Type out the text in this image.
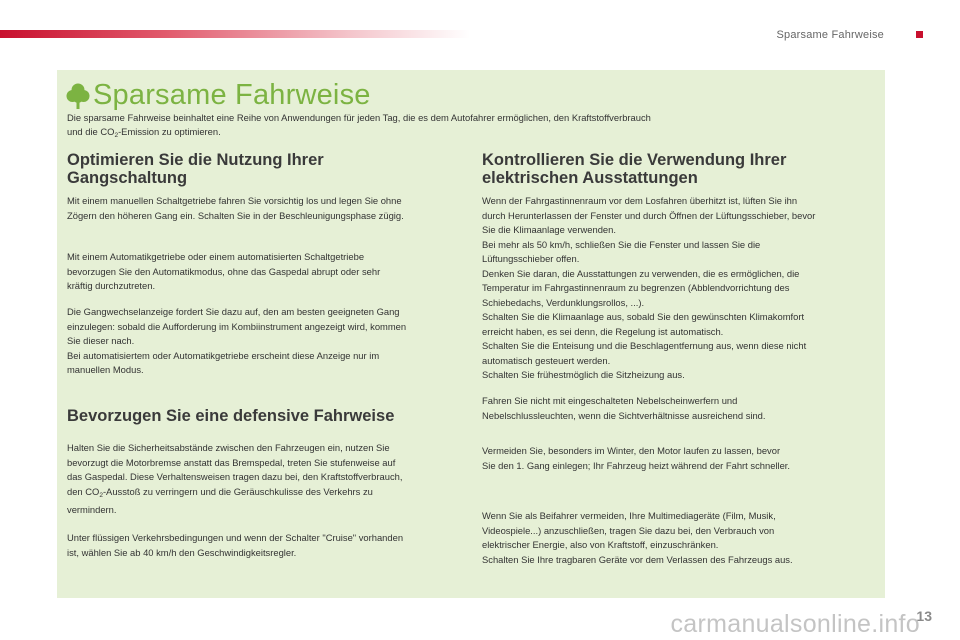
Sparsame Fahrweise
Sparsame Fahrweise
Die sparsame Fahrweise beinhaltet eine Reihe von Anwendungen für jeden Tag, die es dem Autofahrer ermöglichen, den Kraftstoffverbrauch
und die $CO_2$-Emission zu optimieren.
Optimieren Sie die Nutzung Ihrer
Gangschaltung

Mit einem manuellen Schaltgetriebe fahren Sie vorsichtig los und legen Sie ohne
Zögern den höheren Gang ein. Schalten Sie in der Beschleunigungsphase zügig.

Mit einem Automatikgetriebe oder einem automatisierten Schaltgetriebe
bevorzugen Sie den Automatikmodus, ohne das Gaspedal abrupt oder sehr
kräftig durchzutreten.

Die Gangwechselanzeige fordert Sie dazu auf, den am besten geeigneten Gang
einzulegen: sobald die Aufforderung im Kombiinstrument angezeigt wird, kommen
Sie dieser nach.
Bei automatisiertem oder Automatikgetriebe erscheint diese Anzeige nur im
manuellen Modus.

Bevorzugen Sie eine defensive Fahrweise

Halten Sie die Sicherheitsabstände zwischen den Fahrzeugen ein, nutzen Sie
bevorzugt die Motorbremse anstatt das Bremspedal, treten Sie stufenweise auf
das Gaspedal. Diese Verhaltensweisen tragen dazu bei, den Kraftstoffverbrauch,
den $CO_2$-Ausstoß zu verringern und die Geräuschkulisse des Verkehrs zu
vermindern.

Unter flüssigen Verkehrsbedingungen und wenn der Schalter "Cruise" vorhanden
ist, wählen Sie ab 40 km/h den Geschwindigkeitsregler.

Kontrollieren Sie die Verwendung Ihrer
elektrischen Ausstattungen

Wenn der Fahrgastinnenraum vor dem Losfahren überhitzt ist, lüften Sie ihn
durch Herunterlassen der Fenster und durch Öffnen der Lüftungsschieber, bevor
Sie die Klimaanlage verwenden.
Bei mehr als 50 km/h, schließen Sie die Fenster und lassen Sie die
Lüftungsschieber offen.
Denken Sie daran, die Ausstattungen zu verwenden, die es ermöglichen, die
Temperatur im Fahrgastinnenraum zu begrenzen (Abblendvorrichtung des
Schiebedachs, Verdunklungsrollos, ...).
Schalten Sie die Klimaanlage aus, sobald Sie den gewünschten Klimakomfort
erreicht haben, es sei denn, die Regelung ist automatisch.
Schalten Sie die Enteisung und die Beschlagentfernung aus, wenn diese nicht
automatisch gesteuert werden.
Schalten Sie frühestmöglich die Sitzheizung aus.

Fahren Sie nicht mit eingeschalteten Nebelscheinwerfern und
Nebelschlussleuchten, wenn die Sichtverhältnisse ausreichend sind.

Vermeiden Sie, besonders im Winter, den Motor laufen zu lassen, bevor
Sie den 1. Gang einlegen; Ihr Fahrzeug heizt während der Fahrt schneller.

Wenn Sie als Beifahrer vermeiden, Ihre Multimediageräte (Film, Musik,
Videospiele...) anzuschließen, tragen Sie dazu bei, den Verbrauch von
elektrischer Energie, also von Kraftstoff, einzuschränken.
Schalten Sie Ihre tragbaren Geräte vor dem Verlassen des Fahrzeugs aus.

13
carmanualsonline.info
